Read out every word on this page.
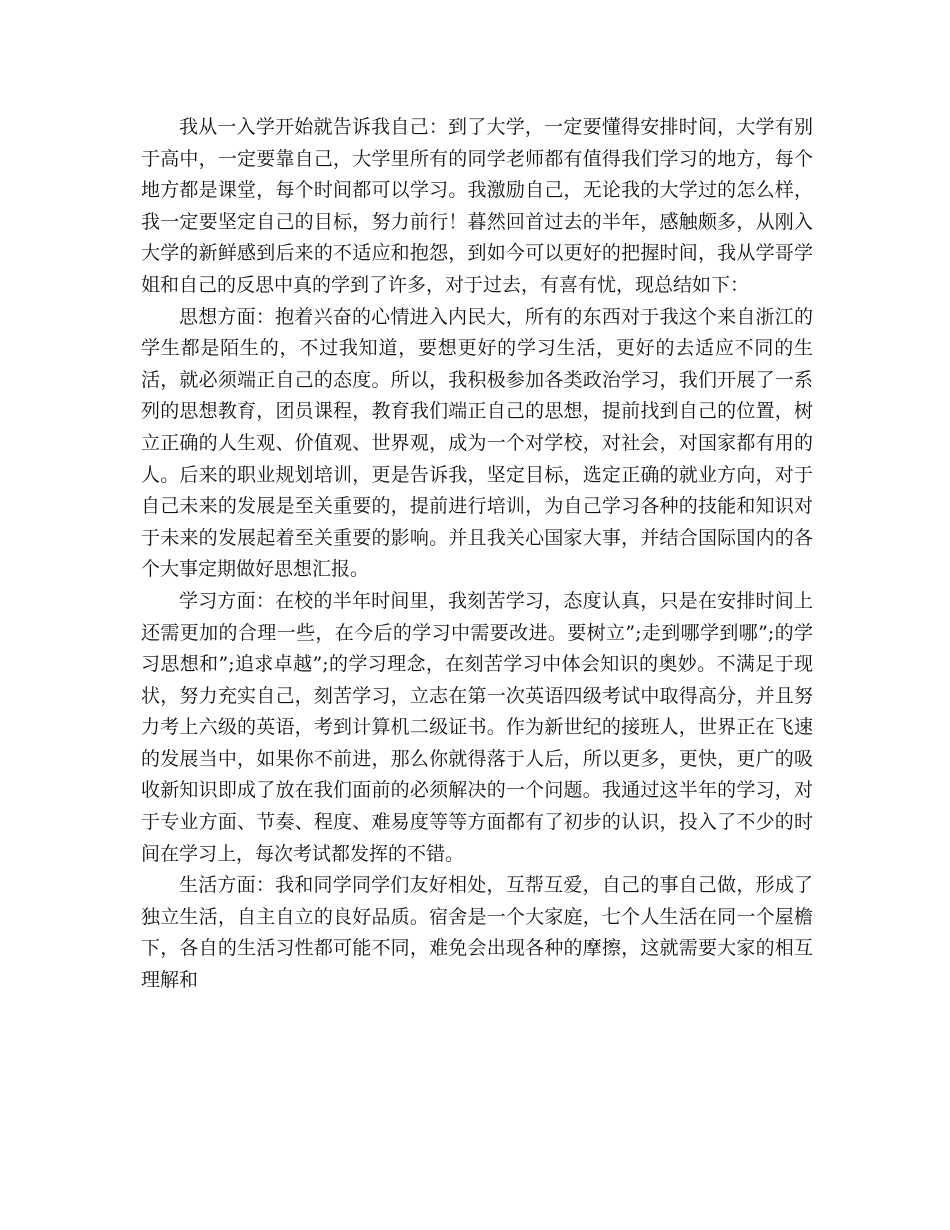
我从一入学开始就告诉我自己：到了大学，一定要懂得安排时间，大学有别于高中，一定要靠自己，大学里所有的同学老师都有值得我们学习的地方，每个地方都是课堂，每个时间都可以学习。我激励自己，无论我的大学过的怎么样，我一定要坚定自己的目标，努力前行！暮然回首过去的半年，感触颇多，从刚入大学的新鲜感到后来的不适应和抱怨，到如今可以更好的把握时间，我从学哥学姐和自己的反思中真的学到了许多，对于过去，有喜有忧，现总结如下：

思想方面：抱着兴奋的心情进入内民大，所有的东西对于我这个来自浙江的学生都是陌生的，不过我知道，要想更好的学习生活，更好的去适应不同的生活，就必须端正自己的态度。所以，我积极参加各类政治学习，我们开展了一系列的思想教育，团员课程，教育我们端正自己的思想，提前找到自己的位置，树立正确的人生观、价值观、世界观，成为一个对学校，对社会，对国家都有用的人。后来的职业规划培训，更是告诉我，坚定目标，选定正确的就业方向，对于自己未来的发展是至关重要的，提前进行培训，为自己学习各种的技能和知识对于未来的发展起着至关重要的影响。并且我关心国家大事，并结合国际国内的各个大事定期做好思想汇报。

学习方面：在校的半年时间里，我刻苦学习，态度认真，只是在安排时间上还需更加的合理一些，在今后的学习中需要改进。要树立”;走到哪学到哪”;的学习思想和”;追求卓越”;的学习理念，在刻苦学习中体会知识的奥妙。不满足于现状，努力充实自己，刻苦学习，立志在第一次英语四级考试中取得高分，并且努力考上六级的英语，考到计算机二级证书。作为新世纪的接班人，世界正在飞速的发展当中，如果你不前进，那么你就得落于人后，所以更多，更快，更广的吸收新知识即成了放在我们面前的必须解决的一个问题。我通过这半年的学习，对于专业方面、节奏、程度、难易度等等方面都有了初步的认识，投入了不少的时间在学习上，每次考试都发挥的不错。

生活方面：我和同学同学们友好相处，互帮互爱，自己的事自己做，形成了独立生活，自主自立的良好品质。宿舍是一个大家庭，七个人生活在同一个屋檐下，各自的生活习性都可能不同，难免会出现各种的摩擦，这就需要大家的相互理解和
